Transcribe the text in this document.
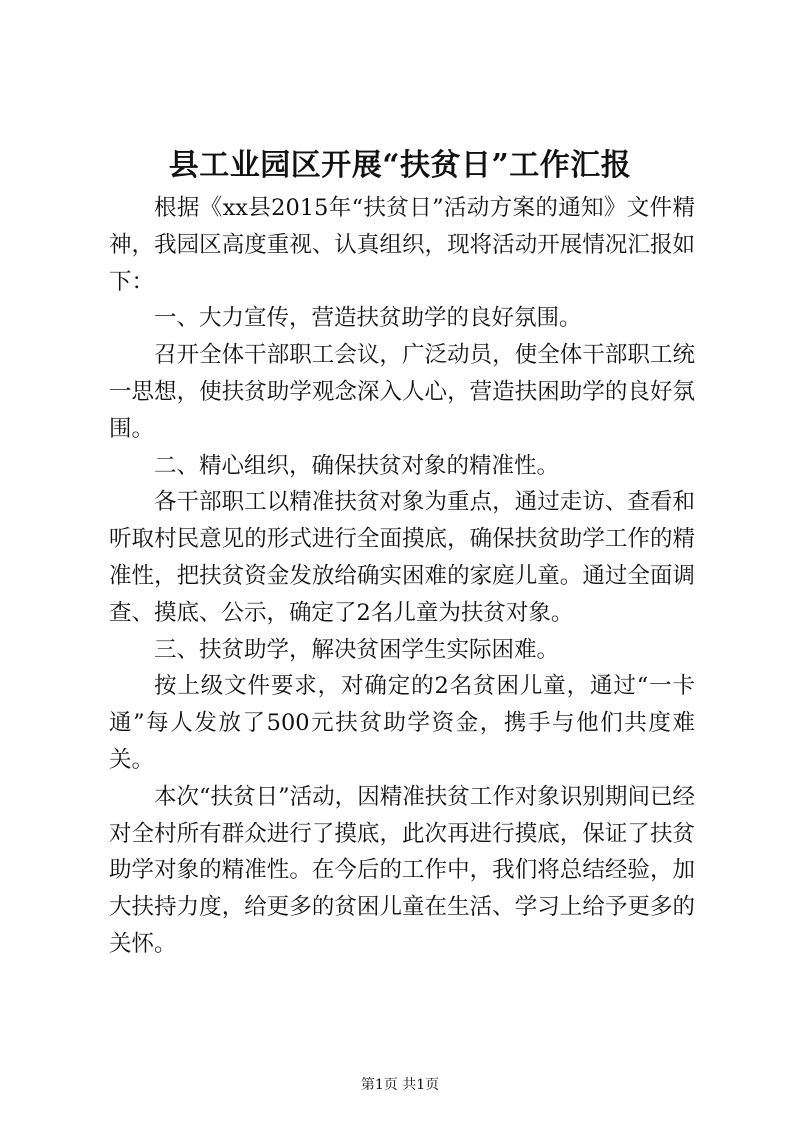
县工业园区开展“扶贫日”工作汇报

根据《xx县2015年“扶贫日”活动方案的通知》文件精神，我园区高度重视、认真组织，现将活动开展情况汇报如下：

一、大力宣传，营造扶贫助学的良好氛围。

召开全体干部职工会议，广泛动员，使全体干部职工统一思想，使扶贫助学观念深入人心，营造扶困助学的良好氛围。

二、精心组织，确保扶贫对象的精准性。

各干部职工以精准扶贫对象为重点，通过走访、查看和听取村民意见的形式进行全面摸底，确保扶贫助学工作的精准性，把扶贫资金发放给确实困难的家庭儿童。通过全面调查、摸底、公示，确定了2名儿童为扶贫对象。

三、扶贫助学，解决贫困学生实际困难。

按上级文件要求，对确定的2名贫困儿童，通过“一卡通”每人发放了500元扶贫助学资金，携手与他们共度难关。

本次“扶贫日”活动，因精准扶贫工作对象识别期间已经对全村所有群众进行了摸底，此次再进行摸底，保证了扶贫助学对象的精准性。在今后的工作中，我们将总结经验，加大扶持力度，给更多的贫困儿童在生活、学习上给予更多的关怀。

第1页 共1页
